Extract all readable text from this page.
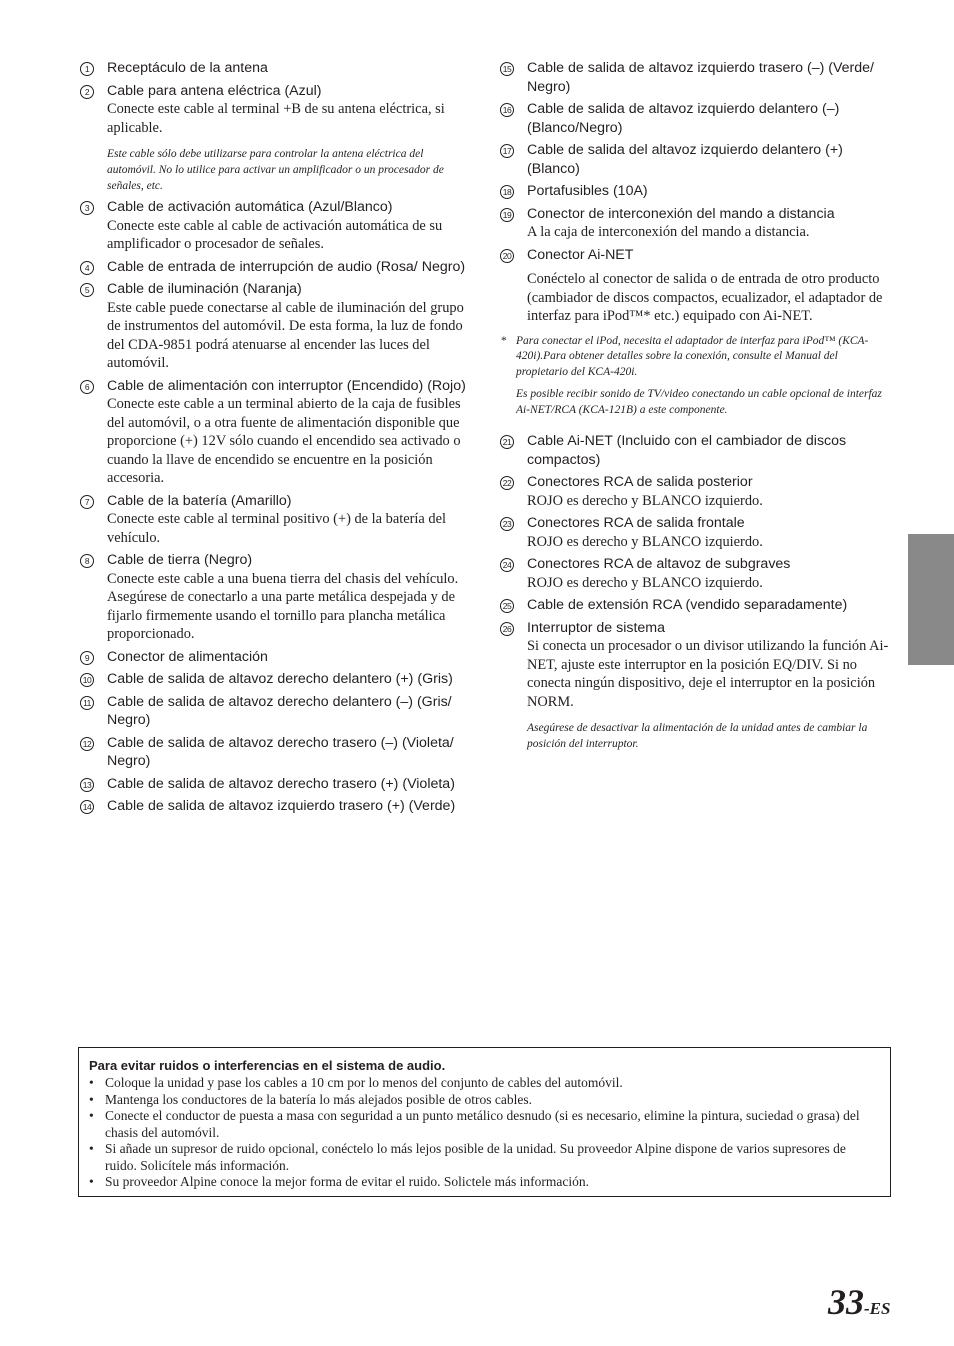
1	Receptáculo de la antena
2	Cable para antena eléctrica (Azul)
Conecte este cable al terminal +B de su antena eléctrica, si aplicable.
Este cable sólo debe utilizarse para controlar la antena eléctrica del automóvil. No lo utilice para activar un amplificador o un procesador de señales, etc.
3	Cable de activación automática (Azul/Blanco)
Conecte este cable al cable de activación automática de su amplificador o procesador de señales.
4	Cable de entrada de interrupción de audio (Rosa/ Negro)
5	Cable de iluminación (Naranja)
Este cable puede conectarse al cable de iluminación del grupo de instrumentos del automóvil. De esta forma, la luz de fondo del CDA-9851 podrá atenuarse al encender las luces del automóvil.
6	Cable de alimentación con interruptor (Encendido) (Rojo)
Conecte este cable a un terminal abierto de la caja de fusibles del automóvil, o a otra fuente de alimentación disponible que proporcione (+) 12V sólo cuando el encendido sea activado o cuando la llave de encendido se encuentre en la posición accesoria.
7	Cable de la batería (Amarillo)
Conecte este cable al terminal positivo (+) de la batería del vehículo.
8	Cable de tierra (Negro)
Conecte este cable a una buena tierra del chasis del vehículo. Asegúrese de conectarlo a una parte metálica despejada y de fijarlo firmemente usando el tornillo para plancha metálica proporcionado.
9	Conector de alimentación
10 Cable de salida de altavoz derecho delantero (+) (Gris)
11 Cable de salida de altavoz derecho delantero (–) (Gris/ Negro)
12 Cable de salida de altavoz derecho trasero (–) (Violeta/ Negro)
13 Cable de salida de altavoz derecho trasero (+) (Violeta)
14 Cable de salida de altavoz izquierdo trasero (+) (Verde)
15 Cable de salida de altavoz izquierdo trasero (–) (Verde/ Negro)
16 Cable de salida de altavoz izquierdo delantero (–) (Blanco/Negro)
17 Cable de salida del altavoz izquierdo delantero (+) (Blanco)
18 Portafusibles (10A)
19 Conector de interconexión del mando a distancia
A la caja de interconexión del mando a distancia.
20 Conector Ai-NET
Conéctelo al conector de salida o de entrada de otro producto (cambiador de discos compactos, ecualizador, el adaptador de interfaz para iPod™* etc.) equipado con Ai-NET.
* Para conectar el iPod, necesita el adaptador de interfaz para iPod™ (KCA-420i).Para obtener detalles sobre la conexión, consulte el Manual del propietario del KCA-420i.
Es posible recibir sonido de TV/video conectando un cable opcional de interfaz Ai-NET/RCA (KCA-121B) a este componente.
21 Cable Ai-NET (Incluido con el cambiador de discos compactos)
22 Conectores RCA de salida posterior
ROJO es derecho y BLANCO izquierdo.
23 Conectores RCA de salida frontale
ROJO es derecho y BLANCO izquierdo.
24 Conectores RCA de altavoz de subgraves
ROJO es derecho y BLANCO izquierdo.
25 Cable de extensión RCA (vendido separadamente)
26 Interruptor de sistema
Si conecta un procesador o un divisor utilizando la función Ai-NET, ajuste este interruptor en la posición EQ/DIV. Si no conecta ningún dispositivo, deje el interruptor en la posición NORM.
Asegúrese de desactivar la alimentación de la unidad antes de cambiar la posición del interruptor.
Para evitar ruidos o interferencias en el sistema de audio.
• Coloque la unidad y pase los cables a 10 cm por lo menos del conjunto de cables del automóvil.
• Mantenga los conductores de la batería lo más alejados posible de otros cables.
• Conecte el conductor de puesta a masa con seguridad a un punto metálico desnudo (si es necesario, elimine la pintura, suciedad o grasa) del chasis del automóvil.
• Si añade un supresor de ruido opcional, conéctelo lo más lejos posible de la unidad. Su proveedor Alpine dispone de varios supresores de ruido. Solicítele más información.
• Su proveedor Alpine conoce la mejor forma de evitar el ruido. Solictele más información.
33-ES
